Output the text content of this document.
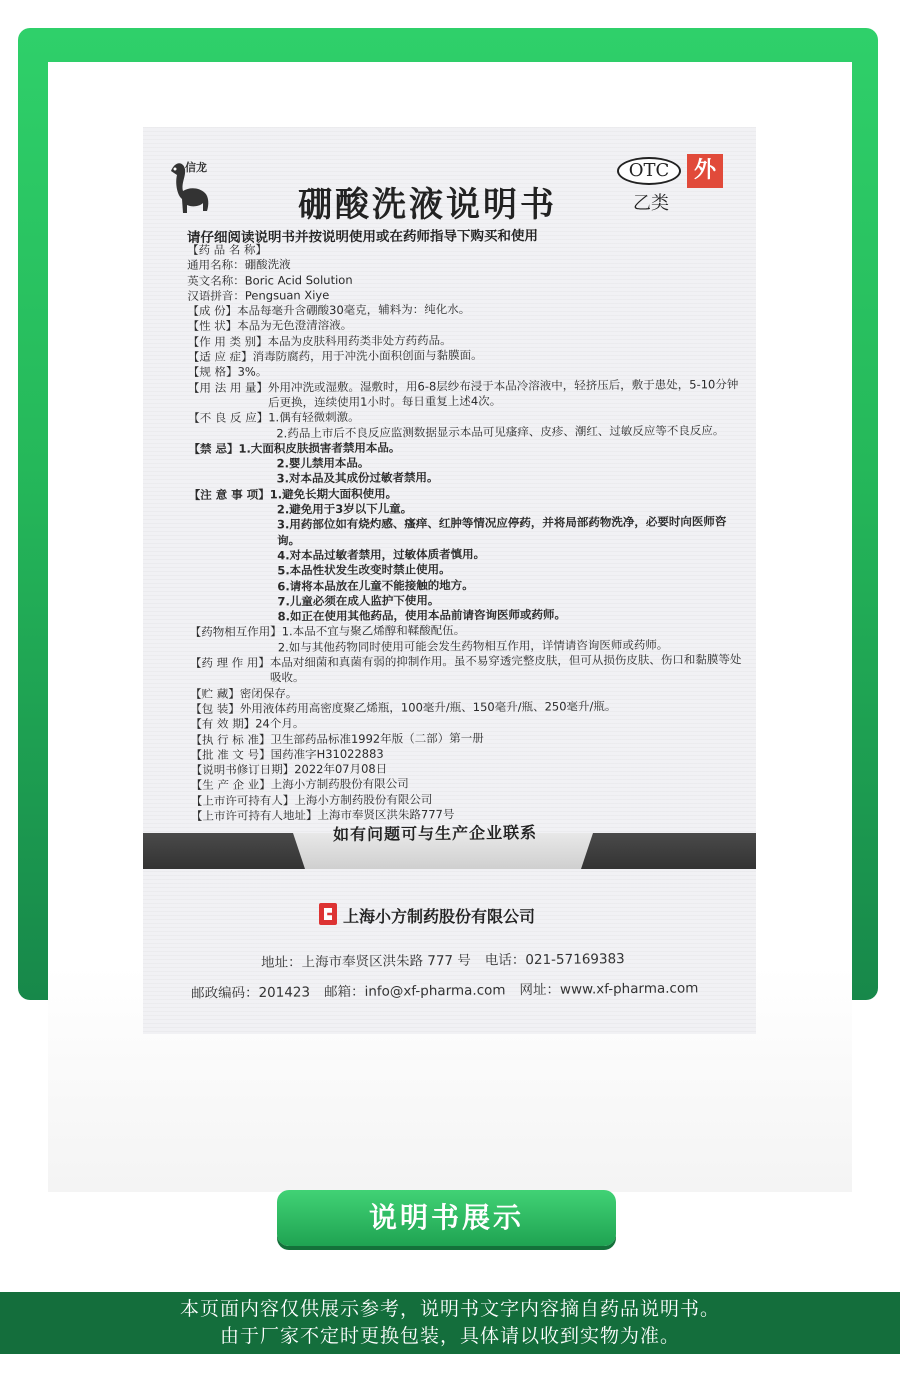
信龙
硼酸洗液说明书
OTC	外
乙类
请仔细阅读说明书并按说明使用或在药师指导下购买和使用
【药 品 名 称】
通用名称： 硼酸洗液
英文名称： Boric Acid Solution
汉语拼音： Pengsuan Xiye
【成 份】 本品每毫升含硼酸30毫克，辅料为：纯化水。
【性 状】 本品为无色澄清溶液。
【作 用 类 别】 本品为皮肤科用药类非处方药药品。
【适 应 症】 消毒防腐药，用于冲洗小面积创面与黏膜面。
【规 格】 3%。
【用 法 用 量】 外用冲洗或湿敷。湿敷时，用6-8层纱布浸于本品冷溶液中，轻挤压后，敷于患处，5-10分钟后更换，连续使用1小时。每日重复上述4次。
【不 良 反 应】 1.偶有轻微刺激。
2.药品上市后不良反应监测数据显示本品可见瘙痒、皮疹、潮红、过敏反应等不良反应。
【禁 忌】 1.大面积皮肤损害者禁用本品。
2.婴儿禁用本品。
3.对本品及其成份过敏者禁用。
【注 意 事 项】 1.避免长期大面积使用。
2.避免用于3岁以下儿童。
3.用药部位如有烧灼感、瘙痒、红肿等情况应停药，并将局部药物洗净，必要时向医师咨询。
4.对本品过敏者禁用，过敏体质者慎用。
5.本品性状发生改变时禁止使用。
6.请将本品放在儿童不能接触的地方。
7.儿童必须在成人监护下使用。
8.如正在使用其他药品，使用本品前请咨询医师或药师。
【药物相互作用】 1.本品不宜与聚乙烯醇和鞣酸配伍。
2.如与其他药物同时使用可能会发生药物相互作用，详情请咨询医师或药师。
【药 理 作 用】 本品对细菌和真菌有弱的抑制作用。虽不易穿透完整皮肤，但可从损伤皮肤、伤口和黏膜等处吸收。
【贮 藏】 密闭保存。
【包 装】 外用液体药用高密度聚乙烯瓶，100毫升/瓶、150毫升/瓶、250毫升/瓶。
【有 效 期】 24个月。
【执 行 标 准】 卫生部药品标准1992年版（二部）第一册
【批 准 文 号】 国药准字H31022883
【说明书修订日期】 2022年07月08日
【生 产 企 业】 上海小方制药股份有限公司
【上市许可持有人】 上海小方制药股份有限公司
【上市许可持有人地址】 上海市奉贤区洪朱路777号
如有问题可与生产企业联系
上海小方制药股份有限公司
地址：上海市奉贤区洪朱路 777 号 电话：021-57169383
邮政编码：201423 邮箱：info@xf-pharma.com 网址：www.xf-pharma.com
说明书展示
本页面内容仅供展示参考，说明书文字内容摘自药品说明书。
由于厂家不定时更换包装，具体请以收到实物为准。
